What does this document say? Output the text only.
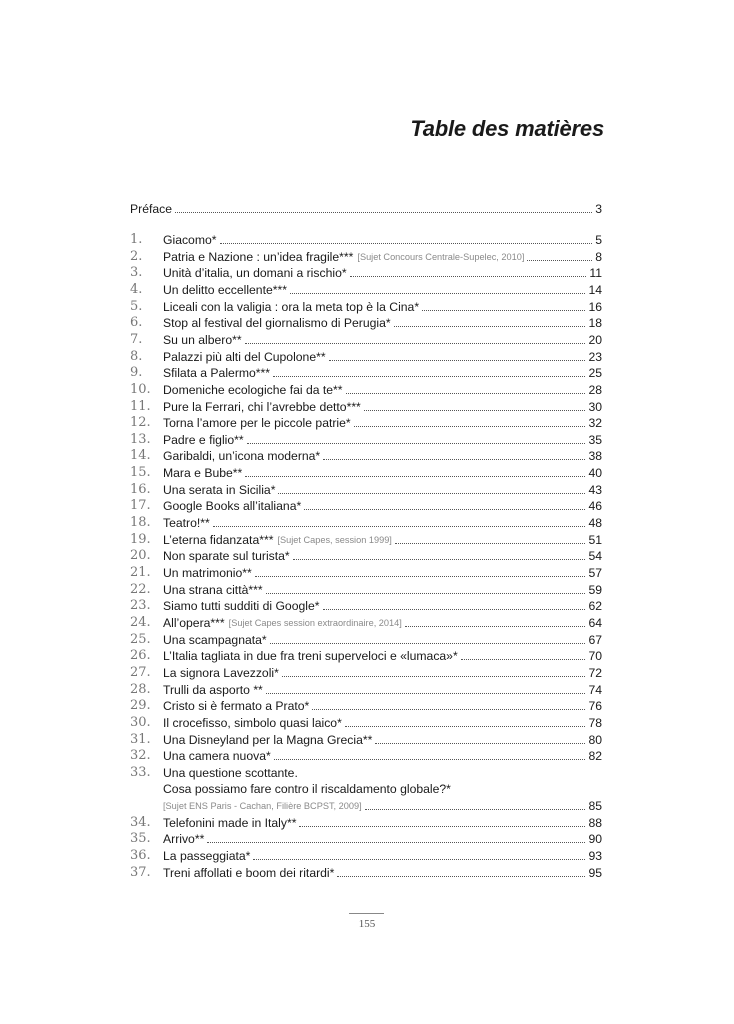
Table des matières
Préface	3
1.	Giacomo*	5
2.	Patria e Nazione : un’idea fragile*** [Sujet Concours Centrale-Supelec, 2010]	8
3.	Unità d’italia, un domani a rischio*	11
4.	Un delitto eccellente***	14
5.	Liceali con la valigia : ora la meta top è la Cina*	16
6.	Stop al festival del giornalismo di Perugia*	18
7.	Su un albero**	20
8.	Palazzi più alti del Cupolone**	23
9.	Sfilata a Palermo***	25
10.	Domeniche ecologiche fai da te**	28
11.	Pure la Ferrari, chi l’avrebbe detto***	30
12.	Torna l’amore per le piccole patrie*	32
13.	Padre e figlio**	35
14.	Garibaldi, un’icona moderna*	38
15.	Mara e Bube**	40
16.	Una serata in Sicilia*	43
17.	Google Books all’italiana*	46
18.	Teatro!**	48
19.	L’eterna fidanzata*** [Sujet Capes, session 1999]	51
20.	Non sparate sul turista*	54
21.	Un matrimonio**	57
22.	Una strana città***	59
23.	Siamo tutti sudditi di Google*	62
24.	All’opera*** [Sujet Capes session extraordinaire, 2014]	64
25.	Una scampagnata*	67
26.	L’Italia tagliata in due fra treni superveloci e «lumaca»*	70
27.	La signora Lavezzoli*	72
28.	Trulli da asporto **	74
29.	Cristo si è fermato a Prato*	76
30.	Il crocefisso, simbolo quasi laico*	78
31.	Una Disneyland per la Magna Grecia**	80
32.	Una camera nuova*	82
33.	Una questione scottante.
Cosa possiamo fare contro il riscaldamento globale?*
[Sujet ENS Paris - Cachan, Filière BCPST, 2009]	85
34.	Telefonini made in Italy**	88
35.	Arrivo**	90
36.	La passeggiata*	93
37.	Treni affollati e boom dei ritardi*	95
155
